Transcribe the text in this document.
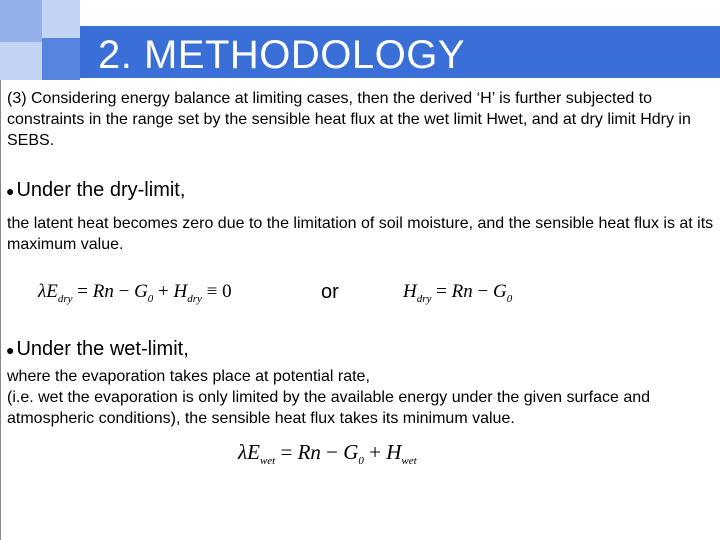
2. METHODOLOGY

(3) Considering energy balance at limiting cases, then the derived ‘H’ is further subjected to constraints in the range set by the sensible heat flux at the wet limit Hwet, and at dry limit Hdry in SEBS.

● Under the dry-limit,

the latent heat becomes zero due to the limitation of soil moisture, and the sensible heat flux is at its maximum value.

$\lambda E_{dry} = Rn - G_0 + H_{dry} \equiv 0$	or	$H_{dry} = Rn - G_0$
● Under the wet-limit,

where the evaporation takes place at potential rate,

(i.e. wet the evaporation is only limited by the available energy under the given surface and atmospheric conditions), the sensible heat flux takes its minimum value.

$\lambda E_{wet} = Rn - G_0 + H_{wet}$
